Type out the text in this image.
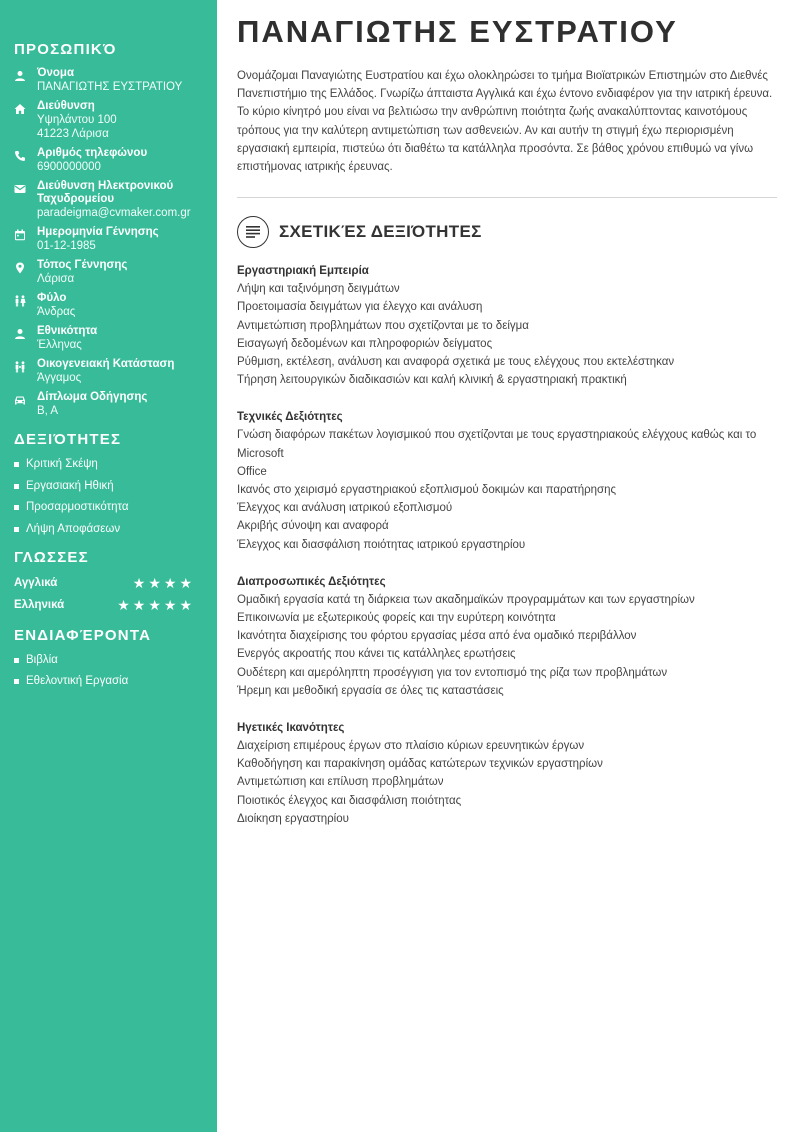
ΠΡΟΣΩΠΙΚΌ
Όνομα
ΠΑΝΑΓΙΩΤΗΣ ΕΥΣΤΡΑΤΙΟΥ
Διεύθυνση
Υψηλάντου 100
41223 Λάρισα
Αριθμός τηλεφώνου
6900000000
Διεύθυνση Ηλεκτρονικού Ταχυδρομείου
paradeigma@cvmaker.com.gr
Ημερομηνία Γέννησης
01-12-1985
Τόπος Γέννησης
Λάρισα
Φύλο
Άνδρας
Εθνικότητα
Έλληνας
Οικογενειακή Κατάσταση
Άγγαμος
Δίπλωμα Οδήγησης
B, A
ΔΕΞΙΌΤΗΤΕΣ
Κριτική Σκέψη
Εργασιακή Ηθική
Προσαρμοστικότητα
Λήψη Αποφάσεων
ΓΛΩΣΣΕΣ
Αγγλικά	★★★★
Ελληνικά	★★★★★
ΕΝΔΙΑΦΈΡΟΝΤΑ
Βιβλία
Εθελοντική Εργασία
ΠΑΝΑΓΙΩΤΗΣ ΕΥΣΤΡΑΤΙΟΥ
Ονομάζομαι Παναγιώτης Ευστρατίου και έχω ολοκληρώσει το τμήμα Βιοϊατρικών Επιστημών στο Διεθνές Πανεπιστήμιο της Ελλάδος. Γνωρίζω άπταιστα Αγγλικά και έχω έντονο ενδιαφέρον για την ιατρική έρευνα. Το κύριο κίνητρό μου είναι να βελτιώσω την ανθρώπινη ποιότητα ζωής ανακαλύπτοντας καινοτόμους τρόπους για την καλύτερη αντιμετώπιση των ασθενειών. Αν και αυτήν τη στιγμή έχω περιορισμένη εργασιακή εμπειρία, πιστεύω ότι διαθέτω τα κατάλληλα προσόντα. Σε βάθος χρόνου επιθυμώ να γίνω επιστήμονας ιατρικής έρευνας.
ΣΧΕΤΙΚΈΣ ΔΕΞΙΌΤΗΤΕΣ
Εργαστηριακή Εμπειρία
Λήψη και ταξινόμηση δειγμάτων
Προετοιμασία δειγμάτων για έλεγχο και ανάλυση
Αντιμετώπιση προβλημάτων που σχετίζονται με το δείγμα
Εισαγωγή δεδομένων και πληροφοριών δείγματος
Ρύθμιση, εκτέλεση, ανάλυση και αναφορά σχετικά με τους ελέγχους που εκτελέστηκαν
Τήρηση λειτουργικών διαδικασιών και καλή κλινική & εργαστηριακή πρακτική
Τεχνικές Δεξιότητες
Γνώση διαφόρων πακέτων λογισμικού που σχετίζονται με τους εργαστηριακούς ελέγχους καθώς και το Microsoft
Office
Ικανός στο χειρισμό εργαστηριακού εξοπλισμού δοκιμών και παρατήρησης
Έλεγχος και ανάλυση ιατρικού εξοπλισμού
Ακριβής σύνοψη και αναφορά
Έλεγχος και διασφάλιση ποιότητας ιατρικού εργαστηρίου
Διαπροσωπικές Δεξιότητες
Ομαδική εργασία κατά τη διάρκεια των ακαδημαϊκών προγραμμάτων και των εργαστηρίων
Επικοινωνία με εξωτερικούς φορείς και την ευρύτερη κοινότητα
Ικανότητα διαχείρισης του φόρτου εργασίας μέσα από ένα ομαδικό περιβάλλον
Ενεργός ακροατής που κάνει τις κατάλληλες ερωτήσεις
Ουδέτερη και αμερόληπτη προσέγγιση για τον εντοπισμό της ρίζα των προβλημάτων
Ήρεμη και μεθοδική εργασία σε όλες τις καταστάσεις
Ηγετικές Ικανότητες
Διαχείριση επιμέρους έργων στο πλαίσιο κύριων ερευνητικών έργων
Καθοδήγηση και παρακίνηση ομάδας κατώτερων τεχνικών εργαστηρίων
Αντιμετώπιση και επίλυση προβλημάτων
Ποιοτικός έλεγχος και διασφάλιση ποιότητας
Διοίκηση εργαστηρίου
